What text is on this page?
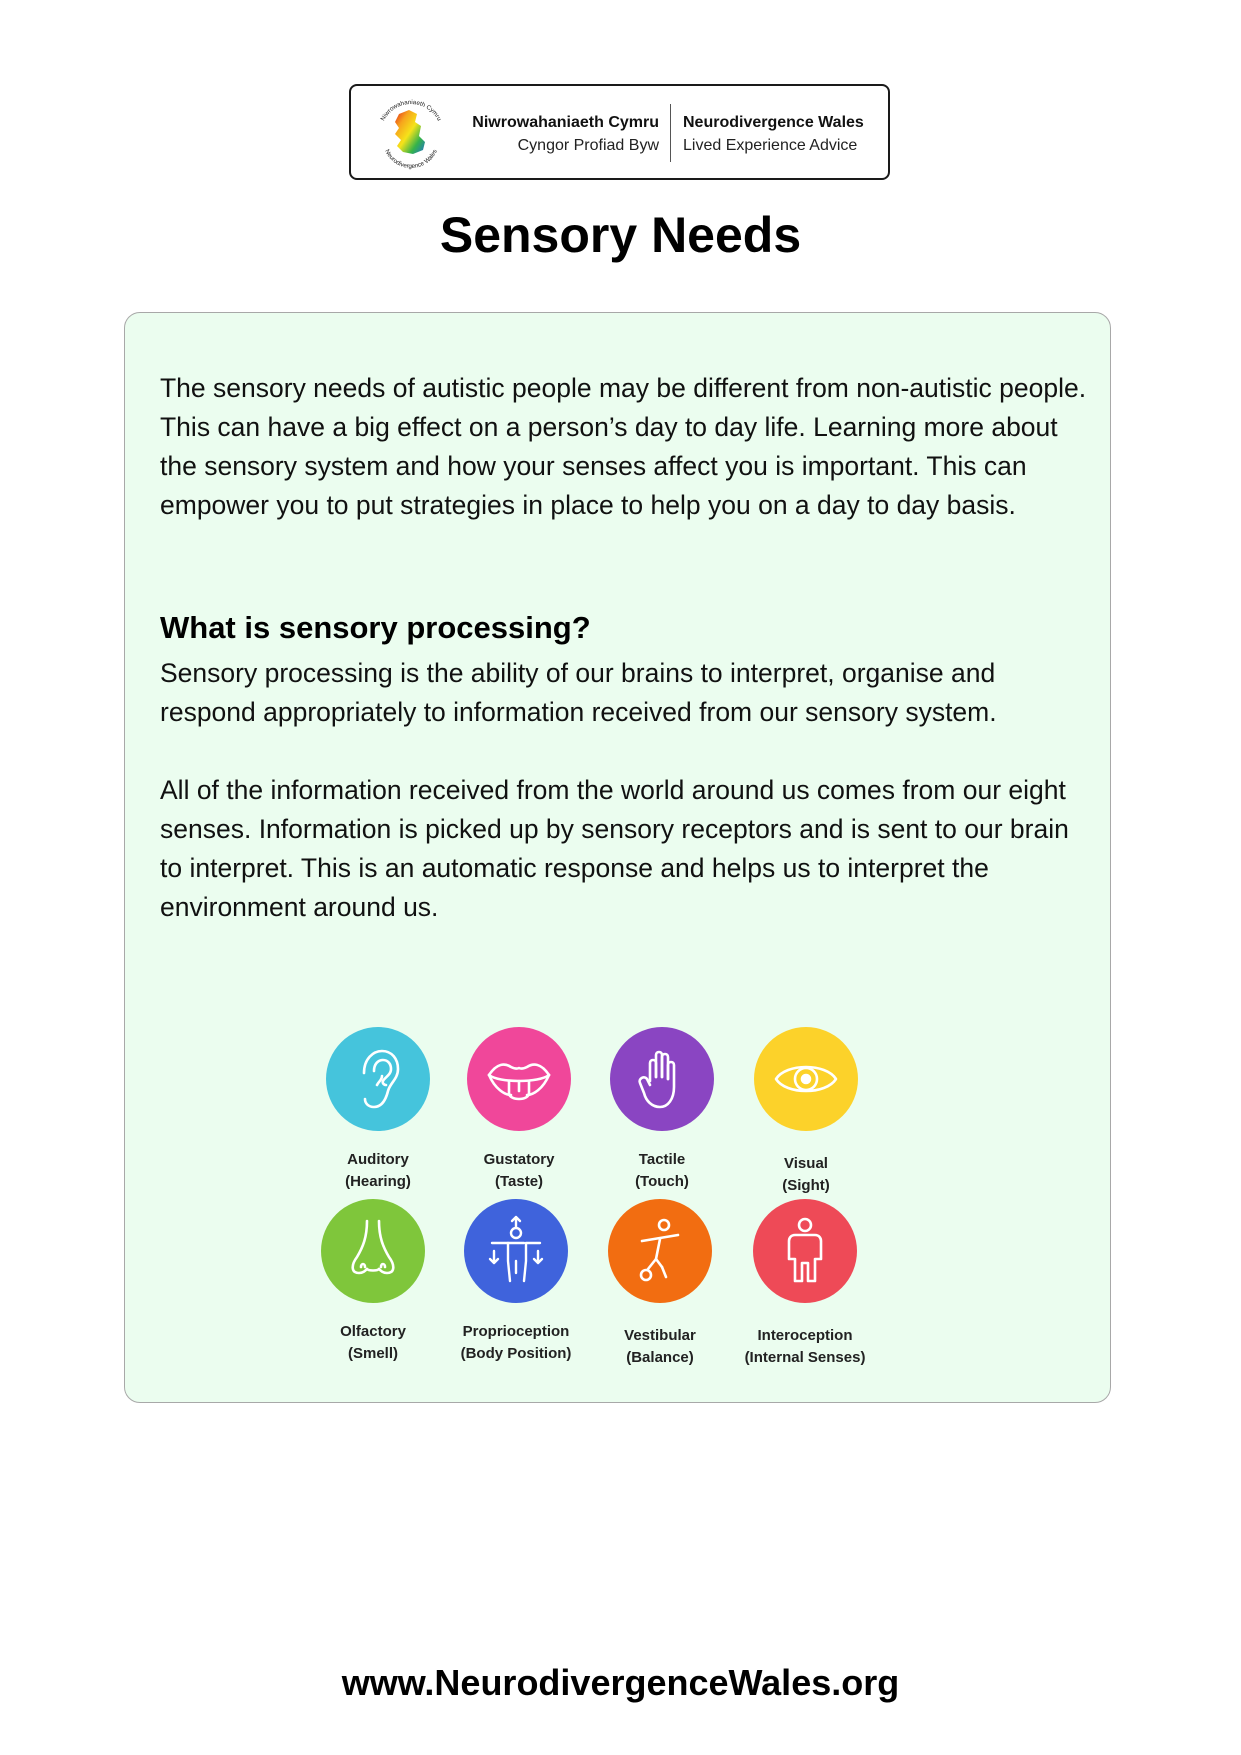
Niwrowahaniaeth Cymru
Neurodivergence Wales
Niwrowahaniaeth Cymru
Cyngor Profiad Byw
Neurodivergence Wales
Lived Experience Advice
Sensory Needs

The sensory needs of autistic people may be different from non-autistic people. This can have a big effect on a person’s day to day life. Learning more about the sensory system and how your senses affect you is important. This can empower you to put strategies in place to help you on a day to day basis.

What is sensory processing?

Sensory processing is the ability of our brains to interpret, organise and respond appropriately to information received from our sensory system.

All of the information received from the world around us comes from our eight senses. Information is picked up by sensory receptors and is sent to our brain to interpret. This is an automatic response and helps us to interpret the environment around us.

Auditory
(Hearing)
Gustatory
(Taste)
Tactile
(Touch)
Visual
(Sight)
Olfactory
(Smell)
Proprioception
(Body Position)
Vestibular
(Balance)
Interoception
(Internal Senses)
www.NeurodivergenceWales.org
